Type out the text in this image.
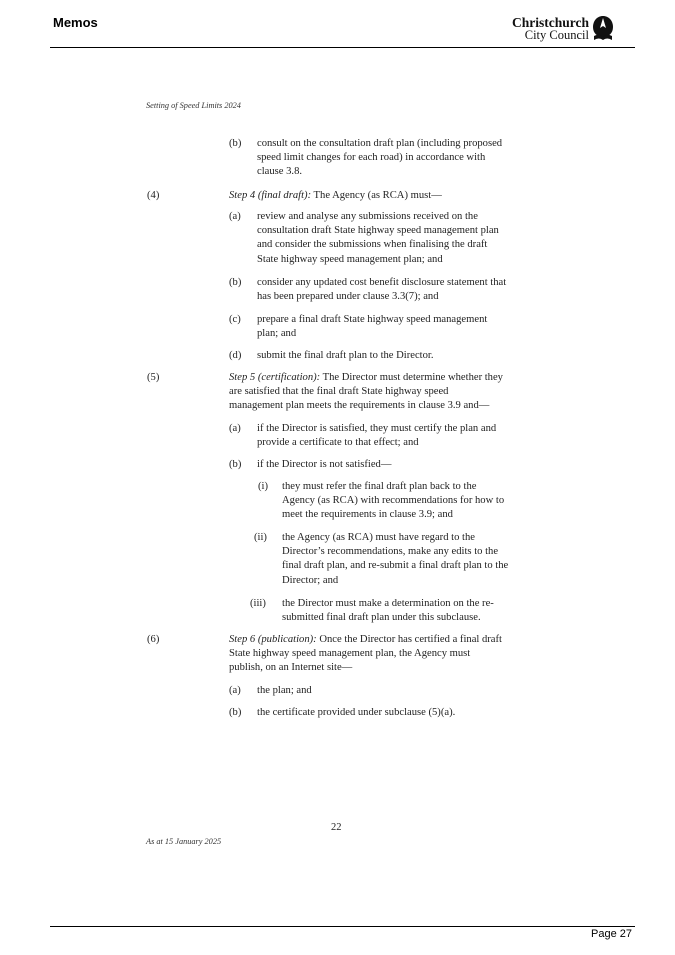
Memos	Christchurch
City Council
Setting of Speed Limits 2024
(b) consult on the consultation draft plan (including proposed
speed limit changes for each road) in accordance with
clause 3.8.
(4)	Step 4 (final draft): The Agency (as RCA) must—
(a) review and analyse any submissions received on the
consultation draft State highway speed management plan
and consider the submissions when finalising the draft
State highway speed management plan; and
(b) consider any updated cost benefit disclosure statement that
has been prepared under clause 3.3(7); and
(c) prepare a final draft State highway speed management
plan; and
(d) submit the final draft plan to the Director.
(5)	Step 5 (certification): The Director must determine whether they
are satisfied that the final draft State highway speed
management plan meets the requirements in clause 3.9 and—
(a) if the Director is satisfied, they must certify the plan and
provide a certificate to that effect; and
(b) if the Director is not satisfied—
(i) they must refer the final draft plan back to the
Agency (as RCA) with recommendations for how to
meet the requirements in clause 3.9; and
(ii) the Agency (as RCA) must have regard to the
Director’s recommendations, make any edits to the
final draft plan, and re-submit a final draft plan to the
Director; and
(iii) the Director must make a determination on the re-
submitted final draft plan under this subclause.
(6)	Step 6 (publication): Once the Director has certified a final draft
State highway speed management plan, the Agency must
publish, on an Internet site—
(a) the plan; and
(b) the certificate provided under subclause (5)(a).
22
As at 15 January 2025
Page 27
